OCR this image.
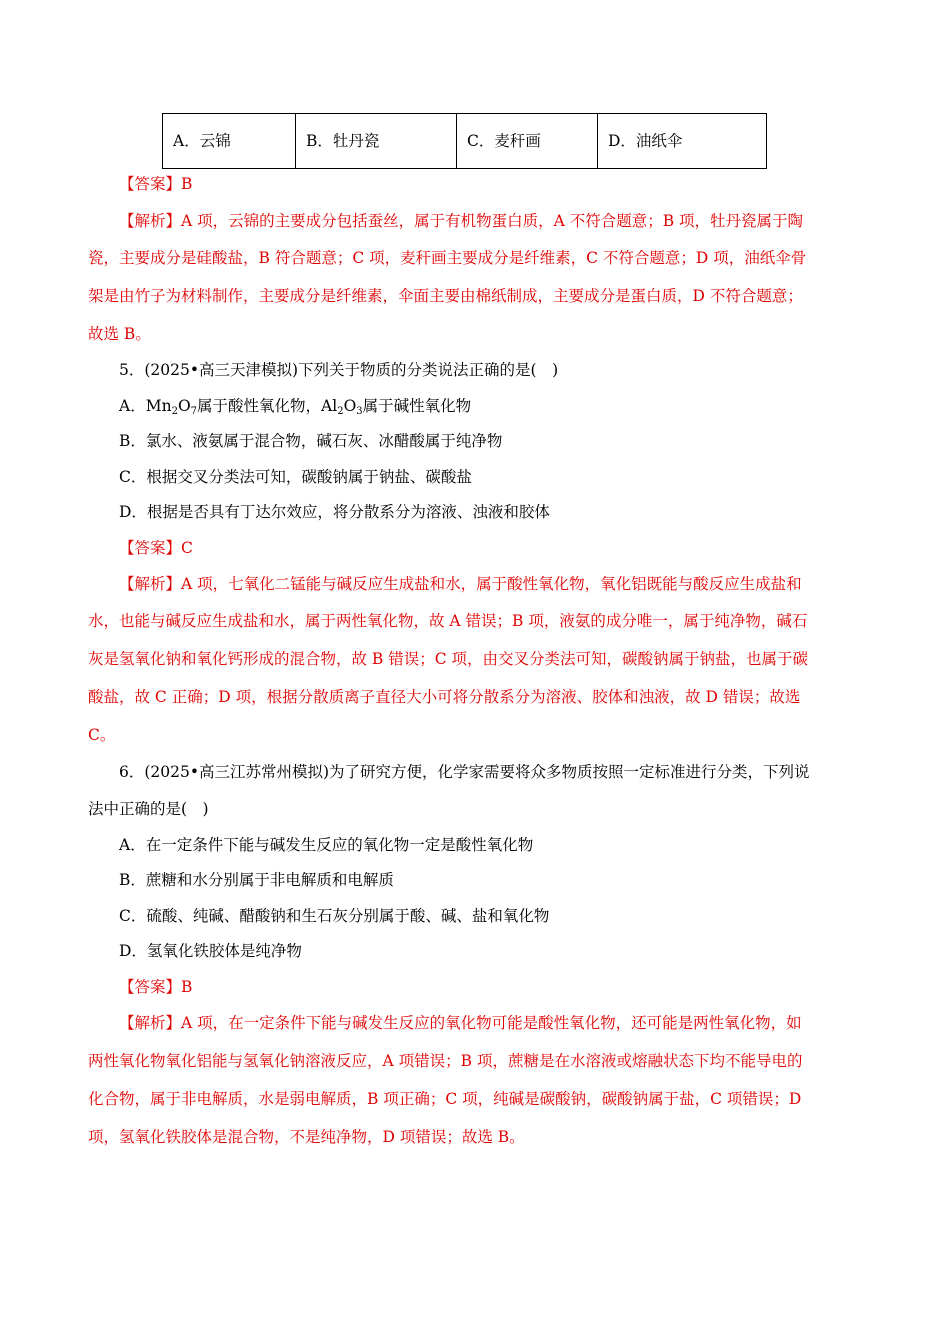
A．云锦	B．牡丹瓷	C．麦秆画	D．油纸伞
【答案】B
【解析】A 项，云锦的主要成分包括蚕丝，属于有机物蛋白质，A 不符合题意；B 项，牡丹瓷属于陶
瓷，主要成分是硅酸盐，B 符合题意；C 项，麦秆画主要成分是纤维素，C 不符合题意；D 项，油纸伞骨
架是由竹子为材料制作，主要成分是纤维素，伞面主要由棉纸制成，主要成分是蛋白质，D 不符合题意；
故选 B。
5．(2025•高三天津模拟)下列关于物质的分类说法正确的是(　)
A．$Mn_2O_7$属于酸性氧化物，$Al_2O_3$属于碱性氧化物
B．氯水、液氨属于混合物，碱石灰、冰醋酸属于纯净物
C．根据交叉分类法可知，碳酸钠属于钠盐、碳酸盐
D．根据是否具有丁达尔效应，将分散系分为溶液、浊液和胶体
【答案】C
【解析】A 项，七氧化二锰能与碱反应生成盐和水，属于酸性氧化物，氧化铝既能与酸反应生成盐和
水，也能与碱反应生成盐和水，属于两性氧化物，故 A 错误；B 项，液氨的成分唯一，属于纯净物，碱石
灰是氢氧化钠和氧化钙形成的混合物，故 B 错误；C 项，由交叉分类法可知，碳酸钠属于钠盐，也属于碳
酸盐，故 C 正确；D 项，根据分散质离子直径大小可将分散系分为溶液、胶体和浊液，故 D 错误；故选
C。
6．(2025•高三江苏常州模拟)为了研究方便，化学家需要将众多物质按照一定标准进行分类，下列说
法中正确的是(　)
A．在一定条件下能与碱发生反应的氧化物一定是酸性氧化物
B．蔗糖和水分别属于非电解质和电解质
C．硫酸、纯碱、醋酸钠和生石灰分别属于酸、碱、盐和氧化物
D．氢氧化铁胶体是纯净物
【答案】B
【解析】A 项，在一定条件下能与碱发生反应的氧化物可能是酸性氧化物，还可能是两性氧化物，如
两性氧化物氧化铝能与氢氧化钠溶液反应，A 项错误；B 项，蔗糖是在水溶液或熔融状态下均不能导电的
化合物，属于非电解质，水是弱电解质，B 项正确；C 项，纯碱是碳酸钠，碳酸钠属于盐，C 项错误；D
项，氢氧化铁胶体是混合物，不是纯净物，D 项错误；故选 B。
